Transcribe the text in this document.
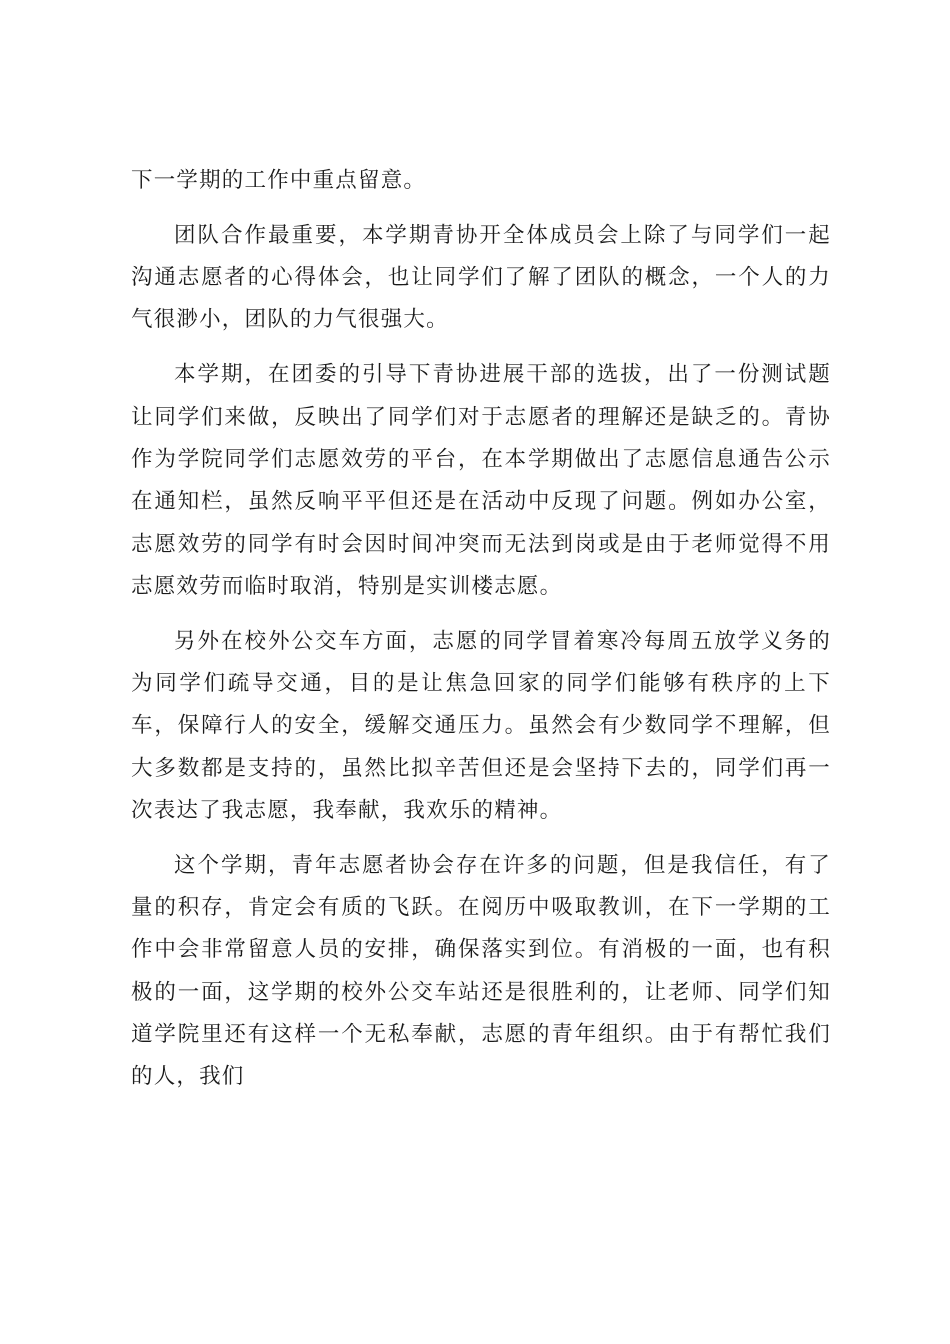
下一学期的工作中重点留意。

团队合作最重要，本学期青协开全体成员会上除了与同学们一起沟通志愿者的心得体会，也让同学们了解了团队的概念，一个人的力气很渺小，团队的力气很强大。

本学期，在团委的引导下青协进展干部的选拔，出了一份测试题让同学们来做，反映出了同学们对于志愿者的理解还是缺乏的。青协作为学院同学们志愿效劳的平台，在本学期做出了志愿信息通告公示在通知栏，虽然反响平平但还是在活动中反现了问题。例如办公室，志愿效劳的同学有时会因时间冲突而无法到岗或是由于老师觉得不用志愿效劳而临时取消，特别是实训楼志愿。

另外在校外公交车方面，志愿的同学冒着寒冷每周五放学义务的为同学们疏导交通，目的是让焦急回家的同学们能够有秩序的上下车，保障行人的安全，缓解交通压力。虽然会有少数同学不理解，但大多数都是支持的，虽然比拟辛苦但还是会坚持下去的，同学们再一次表达了我志愿，我奉献，我欢乐的精神。

这个学期，青年志愿者协会存在许多的问题，但是我信任，有了量的积存，肯定会有质的飞跃。在阅历中吸取教训，在下一学期的工作中会非常留意人员的安排，确保落实到位。有消极的一面，也有积极的一面，这学期的校外公交车站还是很胜利的，让老师、同学们知道学院里还有这样一个无私奉献，志愿的青年组织。由于有帮忙我们的人，我们
